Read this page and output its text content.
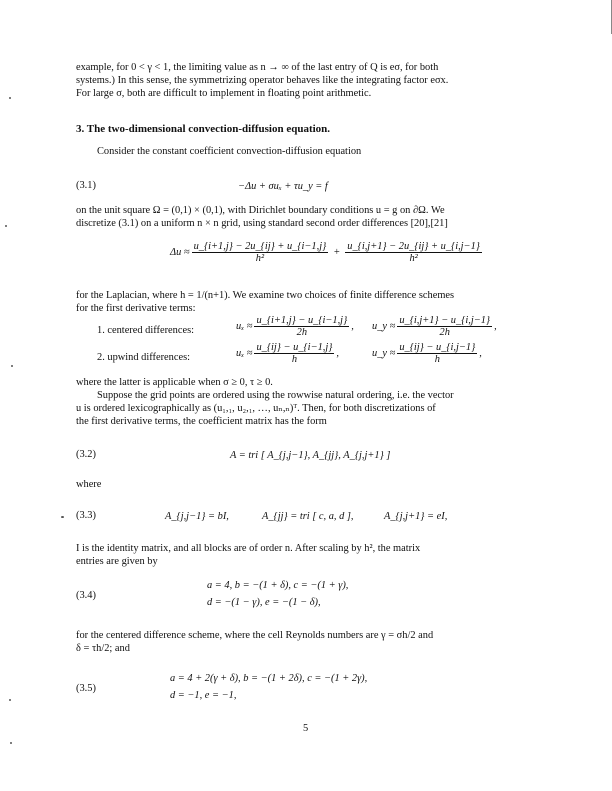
example, for 0 < γ < 1, the limiting value as n → ∞ of the last entry of Q is eσ, for both
systems.) In this sense, the symmetrizing operator behaves like the integrating factor eσx.
For large σ, both are difficult to implement in floating point arithmetic.
3. The two-dimensional convection-diffusion equation.
Consider the constant coefficient convection-diffusion equation
(3.1)	−Δu + σuₓ + τu_y = f
on the unit square Ω = (0,1) × (0,1), with Dirichlet boundary conditions u = g on ∂Ω. We
discretize (3.1) on a uniform n × n grid, using standard second order differences [20],[21]
$\Delta u \approx \frac{u\_\{i+1,j\} - 2u\_\{ij\} + u\_\{i-1,j\}}{\text{h²}} + \frac{u\_\{i,j+1\} - 2u\_\{ij\} + u\_\{i,j-1\}}{\text{h²}}$
for the Laplacian, where h = 1/(n+1). We examine two choices of finite difference schemes
for the first derivative terms:
1. centered differences:	$u_x \approx \frac{u\_\{i+1,j\} - u\_\{i-1,j\}}{2h}$ , u_y ≈ $\frac{u\_\{i,j+1\} - u\_\{i,j-1\}}{2h}$ ,
2. upwind differences:	$u_x \approx \frac{u\_\{ij\} - u\_\{i-1,j\}}{h}$ ,	u_y ≈ $\frac{u\_\{ij\} - u\_\{i,j-1\}}{h}$ ,
where the latter is applicable when σ ≥ 0, τ ≥ 0.
Suppose the grid points are ordered using the rowwise natural ordering, i.e. the vector
u is ordered lexicographically as (u₁,₁, u₂,₁, …, uₙ,ₙ)ᵀ. Then, for both discretizations of
the first derivative terms, the coefficient matrix has the form
(3.2)	A = tri [ A_{j,j−1}, A_{jj}, A_{j,j+1} ]
where
(3.3)	A_{j,j−1} = bI,	A_{jj} = tri [ c, a, d ],	A_{j,j+1} = eI,
I is the identity matrix, and all blocks are of order n. After scaling by h², the matrix
entries are given by
(3.4)
a = 4, b = −(1 + δ), c = −(1 + γ),
d = −(1 − γ), e = −(1 − δ),
for the centered difference scheme, where the cell Reynolds numbers are γ = σh/2 and
δ = τh/2; and
(3.5)
a = 4 + 2(γ + δ), b = −(1 + 2δ), c = −(1 + 2γ),
d = −1, e = −1,
5
